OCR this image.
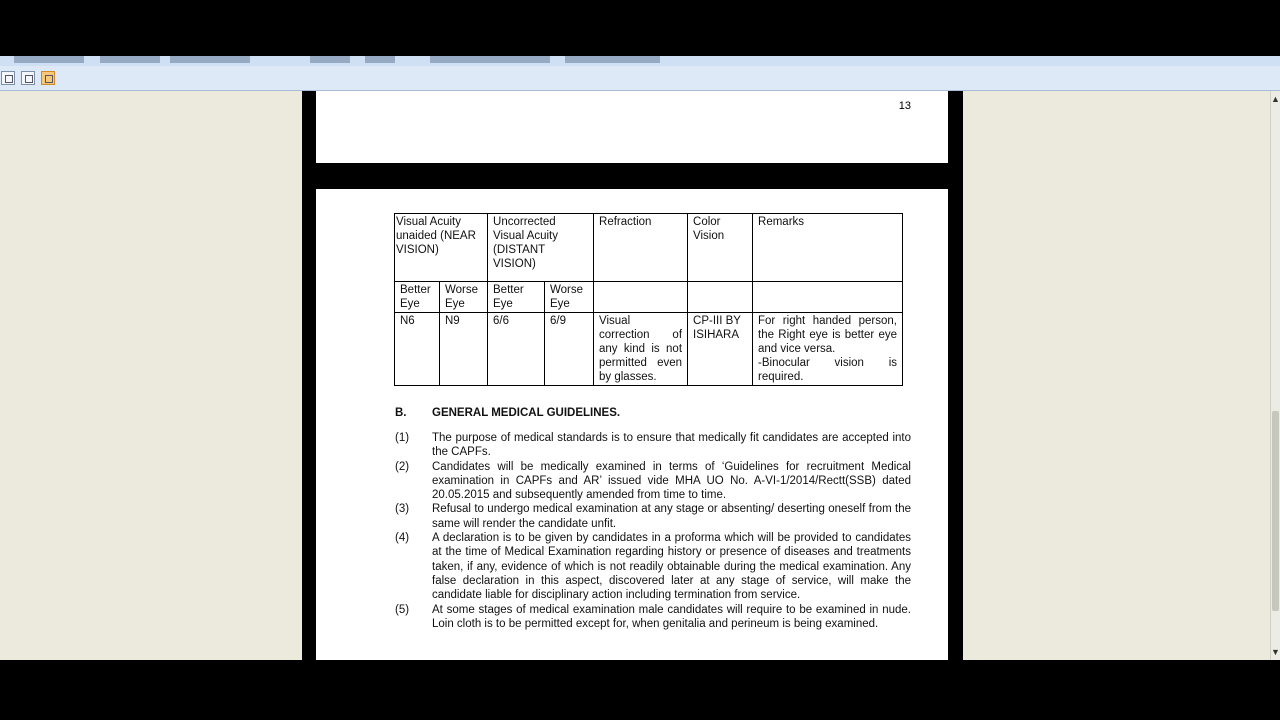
13
Visual Acuity unaided (NEAR VISION)		Uncorrected Visual Acuity (DISTANT VISION)		Refraction	Color Vision	Remarks
Better Eye	Worse Eye	Better Eye	Worse Eye			
N6	N9	6/6	6/9	Visual correction of any kind is not permitted even by glasses.	CP-III BY ISIHARA	For right handed person, the Right eye is better eye and vice versa.
-Binocular vision is required.
B. GENERAL MEDICAL GUIDELINES.
(1) The purpose of medical standards is to ensure that medically fit candidates are accepted into the CAPFs.
(2) Candidates will be medically examined in terms of ‘Guidelines for recruitment Medical examination in CAPFs and AR’ issued vide MHA UO No. A-VI-1/2014/Rectt(SSB) dated 20.05.2015 and subsequently amended from time to time.
(3) Refusal to undergo medical examination at any stage or absenting/ deserting oneself from the same will render the candidate unfit.
(4) A declaration is to be given by candidates in a proforma which will be provided to candidates at the time of Medical Examination regarding history or presence of diseases and treatments taken, if any, evidence of which is not readily obtainable during the medical examination. Any false declaration in this aspect, discovered later at any stage of service, will make the candidate liable for disciplinary action including termination from service.
(5) At some stages of medical examination male candidates will require to be examined in nude. Loin cloth is to be permitted except for, when genitalia and perineum is being examined.
▲
▼
